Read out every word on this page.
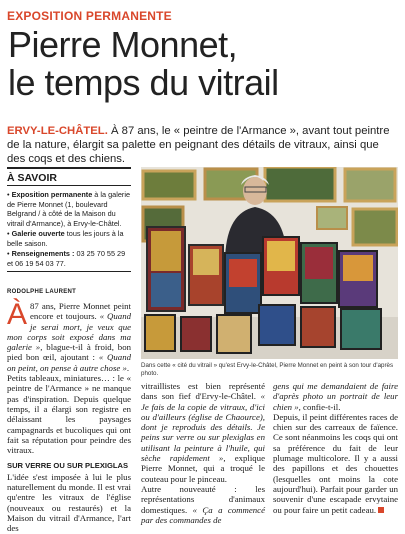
EXPOSITION PERMANENTE
Pierre Monnet,
le temps du vitrail
ERVY-LE-CHÂTEL. À 87 ans, le « peintre de l'Armance », avant tout peintre de la nature, élargit sa palette en peignant des détails de vitraux, ainsi que des coqs et des chiens.
À SAVOIR
• Exposition permanente à la galerie de Pierre Monnet (1, boulevard Belgrand / à côté de la Maison du vitrail d'Armance), à Ervy-le-Châtel.
• Galerie ouverte tous les jours à la belle saison.
• Renseignements : 03 25 70 55 29 et 06 19 54 03 77.
RODOLPHE LAURENT
À 87 ans, Pierre Monnet peint encore et toujours. « Quand je serai mort, je veux que mon corps soit exposé dans ma galerie », blague-t-il à froid, bon pied bon œil, ajoutant : « Quand on peint, on pense à autre chose ».
Petits tableaux, miniatures… : le « peintre de l'Armance » ne manque pas d'inspiration. Depuis quelque temps, il a élargi son registre en délaissant les paysages campagnards et bucoliques qui ont fait sa réputation pour peindre des vitraux.
SUR VERRE OU SUR PLEXIGLAS
L'idée s'est imposée à lui le plus naturellement du monde. Il est vrai qu'entre les vitraux de l'église (nouveaux ou restaurés) et la Maison du vitrail d'Armance, l'art des
Dans cette « cité du vitrail » qu'est Ervy-le-Châtel, Pierre Monnet en peint à son tour d'après photo.
vitraillistes est bien représenté dans son fief d'Ervy-le-Châtel. « Je fais de la copie de vitraux, d'ici ou d'ailleurs (église de Chaource), dont je reproduis des détails. Je peins sur verre ou sur plexiglas en utilisant la peinture à l'huile, qui sèche rapidement », explique Pierre Monnet, qui a troqué le couteau pour le pinceau.
Autre nouveauté : les représentations d'animaux domestiques. « Ça a commencé par des commandes de
gens qui me demandaient de faire d'après photo un portrait de leur chien », confie-t-il.
Depuis, il peint différentes races de chien sur des carreaux de faïence. Ce sont néanmoins les coqs qui ont sa préférence du fait de leur plumage multicolore. Il y a aussi des papillons et des chouettes (lesquelles ont moins la cote aujourd'hui). Parfait pour garder un souvenir d'une escapade ervytaine ou pour faire un petit cadeau.
